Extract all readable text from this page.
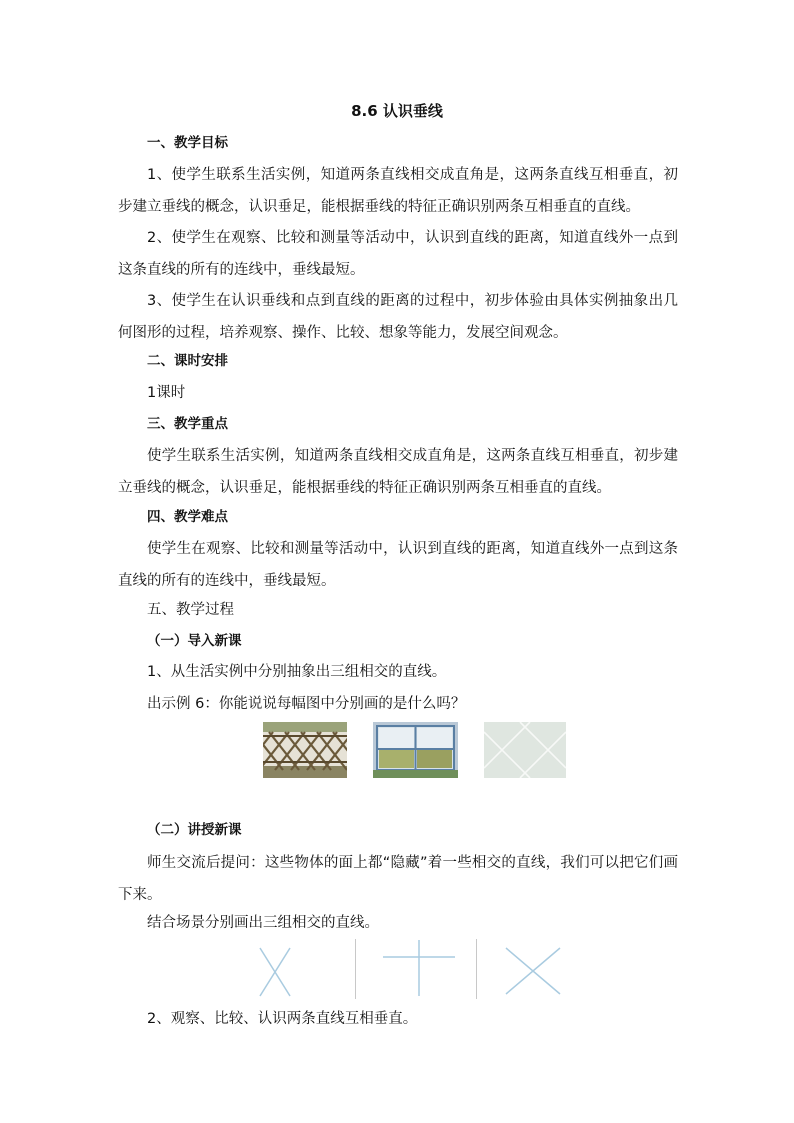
8.6 认识垂线
一、教学目标
1、使学生联系生活实例，知道两条直线相交成直角是，这两条直线互相垂直，初步建立垂线的概念，认识垂足，能根据垂线的特征正确识别两条互相垂直的直线。
2、使学生在观察、比较和测量等活动中，认识到直线的距离，知道直线外一点到这条直线的所有的连线中，垂线最短。
3、使学生在认识垂线和点到直线的距离的过程中，初步体验由具体实例抽象出几何图形的过程，培养观察、操作、比较、想象等能力，发展空间观念。
二、课时安排
1课时
三、教学重点
使学生联系生活实例，知道两条直线相交成直角是，这两条直线互相垂直，初步建立垂线的概念，认识垂足，能根据垂线的特征正确识别两条互相垂直的直线。
四、教学难点
使学生在观察、比较和测量等活动中，认识到直线的距离，知道直线外一点到这条直线的所有的连线中，垂线最短。
五、教学过程
（一）导入新课
1、从生活实例中分别抽象出三组相交的直线。
出示例 6：你能说说每幅图中分别画的是什么吗？
（二）讲授新课
师生交流后提问：这些物体的面上都“隐藏”着一些相交的直线，我们可以把它们画下来。
结合场景分别画出三组相交的直线。
2、观察、比较、认识两条直线互相垂直。
